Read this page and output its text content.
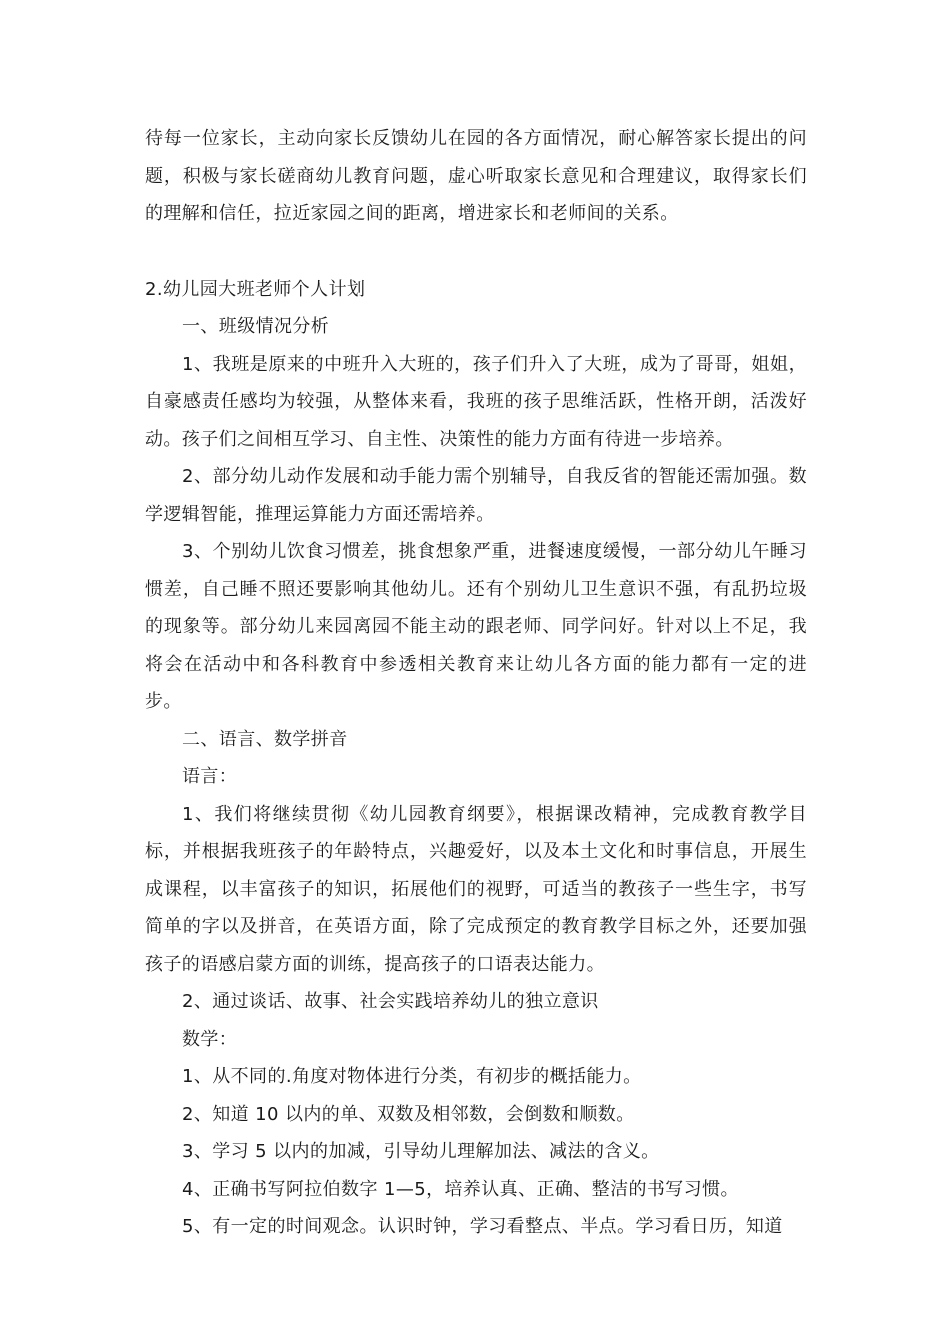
待每一位家长，主动向家长反馈幼儿在园的各方面情况，耐心解答家长提出的问题，积极与家长磋商幼儿教育问题，虚心听取家长意见和合理建议，取得家长们的理解和信任，拉近家园之间的距离，增进家长和老师间的关系。

2.幼儿园大班老师个人计划

一、班级情况分析

1、我班是原来的中班升入大班的，孩子们升入了大班，成为了哥哥，姐姐，自豪感责任感均为较强，从整体来看，我班的孩子思维活跃，性格开朗，活泼好动。孩子们之间相互学习、自主性、决策性的能力方面有待进一步培养。

2、部分幼儿动作发展和动手能力需个别辅导，自我反省的智能还需加强。数学逻辑智能，推理运算能力方面还需培养。

3、个别幼儿饮食习惯差，挑食想象严重，进餐速度缓慢，一部分幼儿午睡习惯差，自己睡不照还要影响其他幼儿。还有个别幼儿卫生意识不强，有乱扔垃圾的现象等。部分幼儿来园离园不能主动的跟老师、同学问好。针对以上不足，我将会在活动中和各科教育中参透相关教育来让幼儿各方面的能力都有一定的进步。

二、语言、数学拼音

语言：

1、我们将继续贯彻《幼儿园教育纲要》，根据课改精神，完成教育教学目标，并根据我班孩子的年龄特点，兴趣爱好，以及本土文化和时事信息，开展生成课程，以丰富孩子的知识，拓展他们的视野，可适当的教孩子一些生字，书写简单的字以及拼音，在英语方面，除了完成预定的教育教学目标之外，还要加强孩子的语感启蒙方面的训练，提高孩子的口语表达能力。

2、通过谈话、故事、社会实践培养幼儿的独立意识

数学：

1、从不同的.角度对物体进行分类，有初步的概括能力。

2、知道 10 以内的单、双数及相邻数，会倒数和顺数。

3、学习 5 以内的加减，引导幼儿理解加法、减法的含义。

4、正确书写阿拉伯数字 1—5，培养认真、正确、整洁的书写习惯。

5、有一定的时间观念。认识时钟，学习看整点、半点。学习看日历，知道
